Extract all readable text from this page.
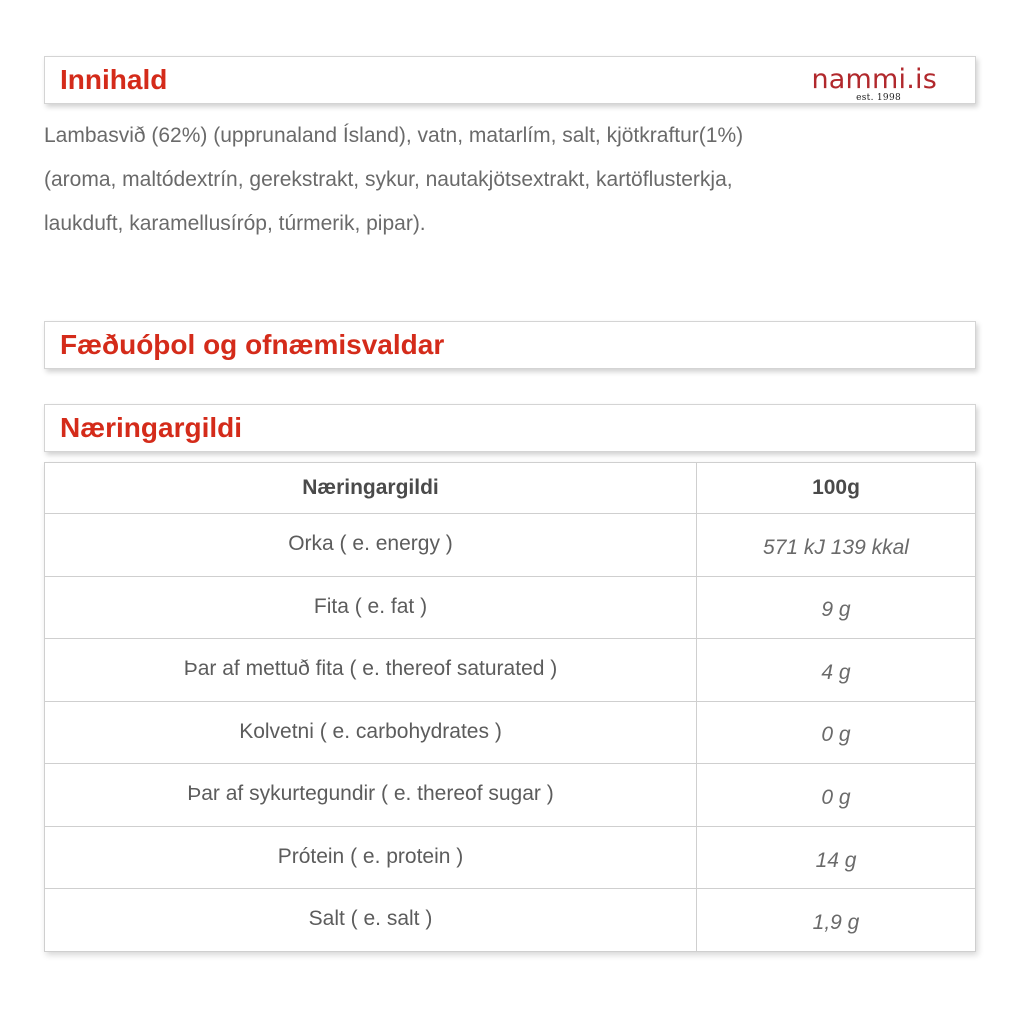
Innihald	nammi.is
est. 1998

Lambasvið (62%) (upprunaland Ísland), vatn, matarlím, salt, kjötkraftur(1%)(aroma, maltódextrín, gerekstrakt, sykur, nautakjötsextrakt, kartöflusterkja, laukduft, karamellusíróp, túrmerik, pipar).

Fæðuóþol og ofnæmisvaldar
Næringargildi
Næringargildi	100g
Orka ( e. energy )	571 kJ 139 kkal
Fita ( e. fat )	9 g
Þar af mettuð fita ( e. thereof saturated )	4 g
Kolvetni ( e. carbohydrates )	0 g
Þar af sykurtegundir ( e. thereof sugar )	0 g
Prótein ( e. protein )	14 g
Salt ( e. salt )	1,9 g
